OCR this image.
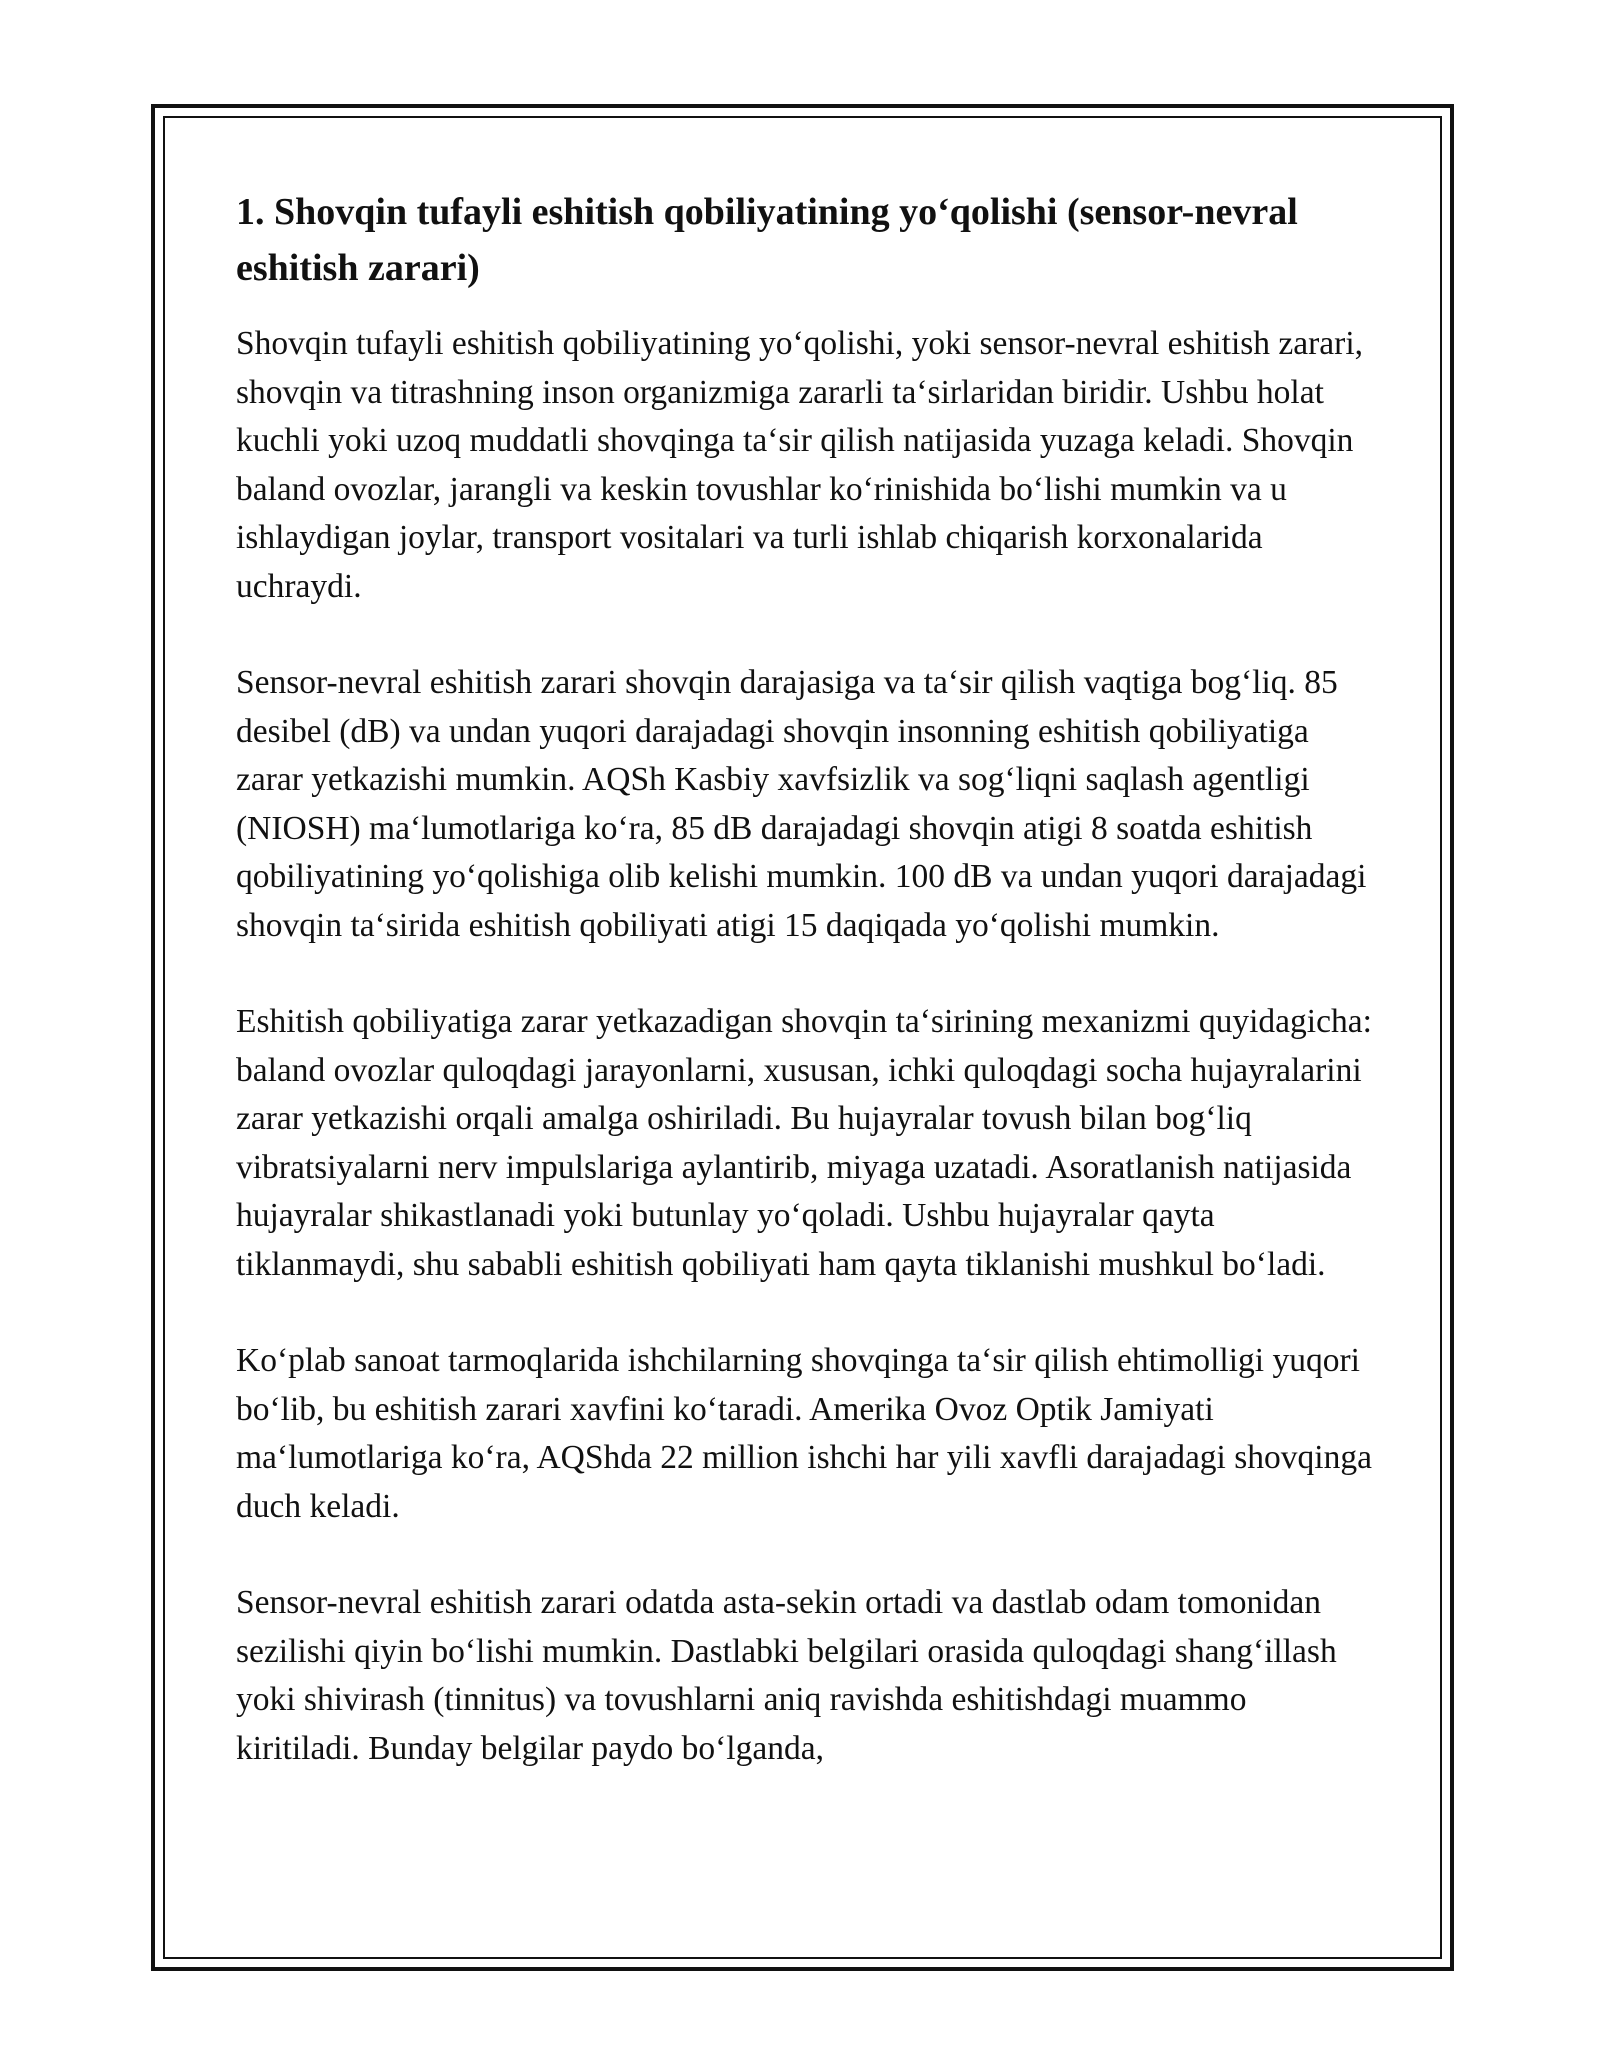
1. Shovqin tufayli eshitish qobiliyatining yo‘qolishi (sensor-nevral eshitish zarari)

Shovqin tufayli eshitish qobiliyatining yo‘qolishi, yoki sensor-nevral eshitish zarari, shovqin va titrashning inson organizmiga zararli ta‘sirlaridan biridir. Ushbu holat kuchli yoki uzoq muddatli shovqinga ta‘sir qilish natijasida yuzaga keladi. Shovqin baland ovozlar, jarangli va keskin tovushlar ko‘rinishida bo‘lishi mumkin va u ishlaydigan joylar, transport vositalari va turli ishlab chiqarish korxonalarida uchraydi.

Sensor-nevral eshitish zarari shovqin darajasiga va ta‘sir qilish vaqtiga bog‘liq. 85 desibel (dB) va undan yuqori darajadagi shovqin insonning eshitish qobiliyatiga zarar yetkazishi mumkin. AQSh Kasbiy xavfsizlik va sog‘liqni saqlash agentligi (NIOSH) ma‘lumotlariga ko‘ra, 85 dB darajadagi shovqin atigi 8 soatda eshitish qobiliyatining yo‘qolishiga olib kelishi mumkin. 100 dB va undan yuqori darajadagi shovqin ta‘sirida eshitish qobiliyati atigi 15 daqiqada yo‘qolishi mumkin.

Eshitish qobiliyatiga zarar yetkazadigan shovqin ta‘sirining mexanizmi quyidagicha: baland ovozlar quloqdagi jarayonlarni, xususan, ichki quloqdagi socha hujayralarini zarar yetkazishi orqali amalga oshiriladi. Bu hujayralar tovush bilan bog‘liq vibratsiyalarni nerv impulslariga aylantirib, miyaga uzatadi. Asoratlanish natijasida hujayralar shikastlanadi yoki butunlay yo‘qoladi. Ushbu hujayralar qayta tiklanmaydi, shu sababli eshitish qobiliyati ham qayta tiklanishi mushkul bo‘ladi.

Ko‘plab sanoat tarmoqlarida ishchilarning shovqinga ta‘sir qilish ehtimolligi yuqori bo‘lib, bu eshitish zarari xavfini ko‘taradi. Amerika Ovoz Optik Jamiyati ma‘lumotlariga ko‘ra, AQShda 22 million ishchi har yili xavfli darajadagi shovqinga duch keladi.

Sensor-nevral eshitish zarari odatda asta-sekin ortadi va dastlab odam tomonidan sezilishi qiyin bo‘lishi mumkin. Dastlabki belgilari orasida quloqdagi shang‘illash yoki shivirash (tinnitus) va tovushlarni aniq ravishda eshitishdagi muammo kiritiladi. Bunday belgilar paydo bo‘lganda,
